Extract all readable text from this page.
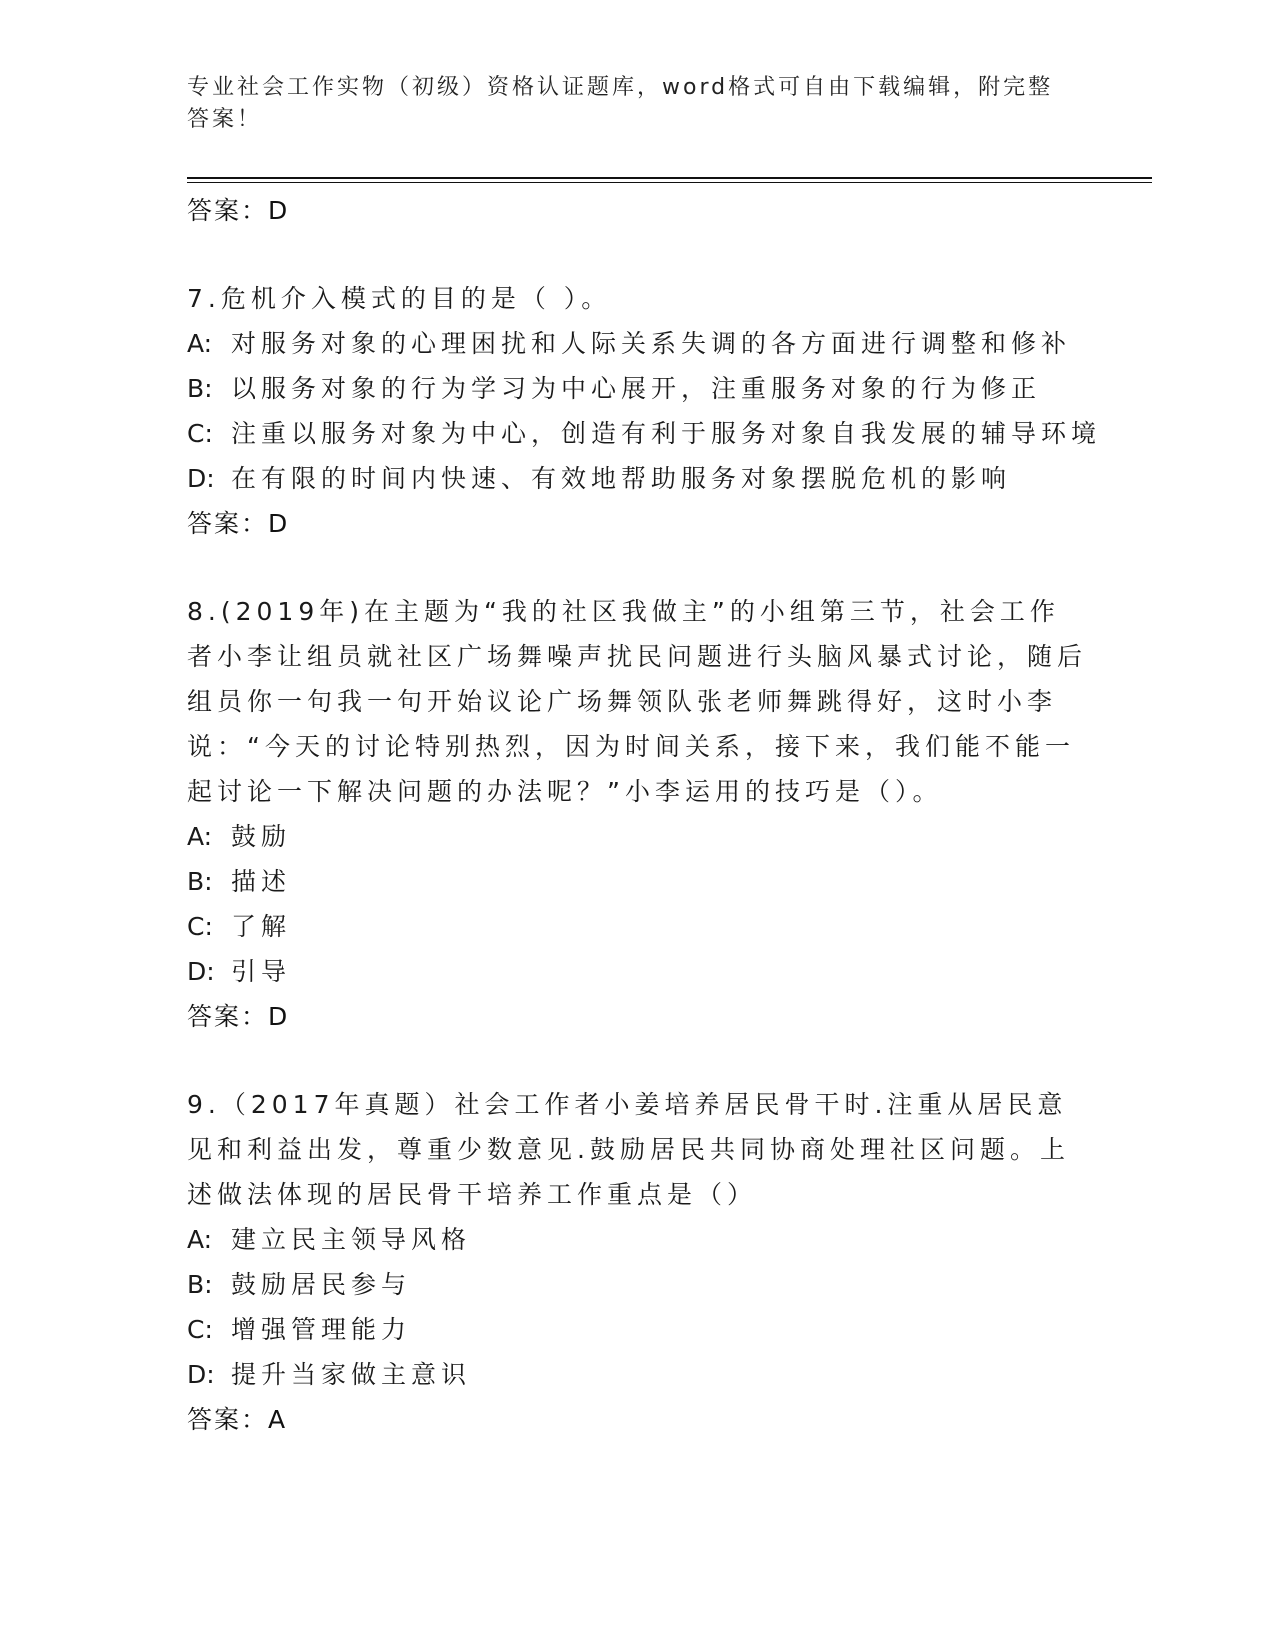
专业社会工作实物（初级）资格认证题库，word格式可自由下载编辑，附完整答案！
答案：D
7.危机介入模式的目的是（ ）。
A: 对服务对象的心理困扰和人际关系失调的各方面进行调整和修补
B: 以服务对象的行为学习为中心展开，注重服务对象的行为修正
C: 注重以服务对象为中心，创造有利于服务对象自我发展的辅导环境
D: 在有限的时间内快速、有效地帮助服务对象摆脱危机的影响
答案：D
8.(2019年)在主题为“我的社区我做主”的小组第三节，社会工作者小李让组员就社区广场舞噪声扰民问题进行头脑风暴式讨论，随后组员你一句我一句开始议论广场舞领队张老师舞跳得好，这时小李说：“今天的讨论特别热烈，因为时间关系，接下来，我们能不能一起讨论一下解决问题的办法呢？”小李运用的技巧是（）。
A: 鼓励
B: 描述
C: 了解
D: 引导
答案：D
9.（2017年真题）社会工作者小姜培养居民骨干时.注重从居民意见和利益出发，尊重少数意见.鼓励居民共同协商处理社区问题。上述做法体现的居民骨干培养工作重点是（）
A: 建立民主领导风格
B: 鼓励居民参与
C: 增强管理能力
D: 提升当家做主意识
答案：A
